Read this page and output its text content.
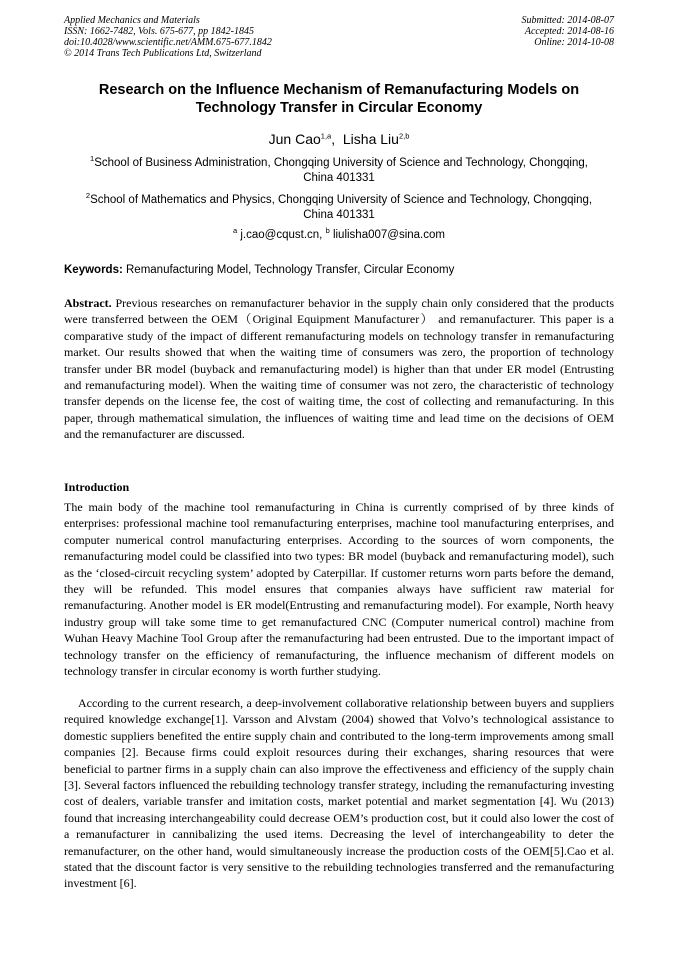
Applied Mechanics and Materials
ISSN: 1662-7482, Vols. 675-677, pp 1842-1845
doi:10.4028/www.scientific.net/AMM.675-677.1842
© 2014 Trans Tech Publications Ltd, Switzerland
Submitted: 2014-08-07
Accepted: 2014-08-16
Online: 2014-10-08
Research on the Influence Mechanism of Remanufacturing Models on
Technology Transfer in Circular Economy
Jun Cao$^{1,a}$,  Lisha Liu$^{2,b}$
$^1$School of Business Administration, Chongqing University of Science and Technology, Chongqing,
China 401331
$^2$School of Mathematics and Physics, Chongqing University of Science and Technology, Chongqing,
China 401331
$^a$ j.cao@cqust.cn, $^b$ liulisha007@sina.com
Keywords: Remanufacturing Model, Technology Transfer, Circular Economy

Abstract. Previous researches on remanufacturer behavior in the supply chain only considered that the products were transferred between the OEM（Original Equipment Manufacturer） and remanufacturer. This paper is a comparative study of the impact of different remanufacturing models on technology transfer in remanufacturing market. Our results showed that when the waiting time of consumers was zero, the proportion of technology transfer under BR model (buyback and remanufacturing model) is higher than that under ER model (Entrusting and remanufacturing model). When the waiting time of consumer was not zero, the characteristic of technology transfer depends on the license fee, the cost of waiting time, the cost of collecting and remanufacturing. In this paper, through mathematical simulation, the influences of waiting time and lead time on the decisions of OEM and the remanufacturer are discussed.

Introduction

The main body of the machine tool remanufacturing in China is currently comprised of by three kinds of enterprises: professional machine tool remanufacturing enterprises, machine tool manufacturing enterprises, and computer numerical control manufacturing enterprises. According to the sources of worn components, the remanufacturing model could be classified into two types: BR model (buyback and remanufacturing model), such as the ‘closed-circuit recycling system’ adopted by Caterpillar. If customer returns worn parts before the demand, they will be refunded. This model ensures that companies always have sufficient raw material for remanufacturing. Another model is ER model(Entrusting and remanufacturing model). For example, North heavy industry group will take some time to get remanufactured CNC (Computer numerical control) machine from Wuhan Heavy Machine Tool Group after the remanufacturing had been entrusted. Due to the important impact of technology transfer on the efficiency of remanufacturing, the influence mechanism of different models on technology transfer in circular economy is worth further studying.

According to the current research, a deep-involvement collaborative relationship between buyers and suppliers required knowledge exchange[1]. Varsson and Alvstam (2004) showed that Volvo’s technological assistance to domestic suppliers benefited the entire supply chain and contributed to the long-term improvements among small companies [2]. Because firms could exploit resources during their exchanges, sharing resources that were beneficial to partner firms in a supply chain can also improve the effectiveness and efficiency of the supply chain [3]. Several factors influenced the rebuilding technology transfer strategy, including the remanufacturing investing cost of dealers, variable transfer and imitation costs, market potential and market segmentation [4]. Wu (2013) found that increasing interchangeability could decrease OEM’s production cost, but it could also lower the cost of a remanufacturer in cannibalizing the used items. Decreasing the level of interchangeability to deter the remanufacturer, on the other hand, would simultaneously increase the production costs of the OEM[5].Cao et al. stated that the discount factor is very sensitive to the rebuilding technologies transferred and the remanufacturing investment [6].
